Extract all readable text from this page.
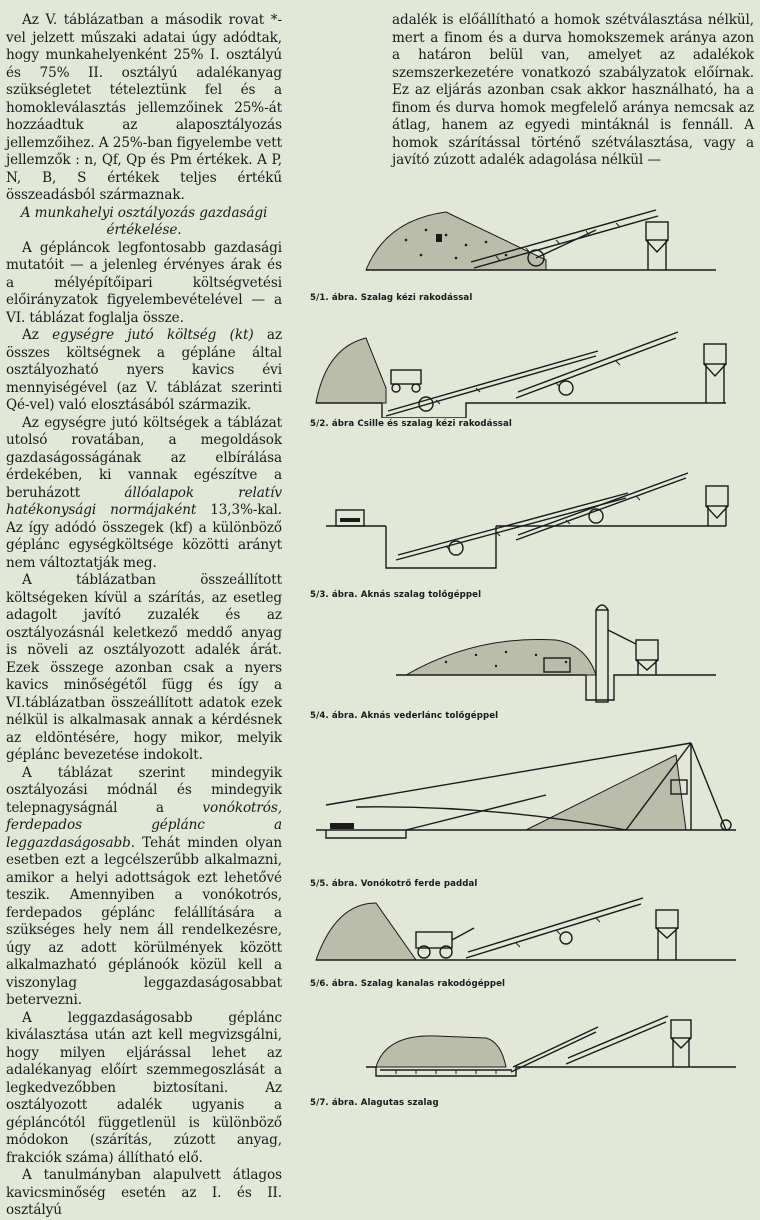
Az V. táblázatban a második rovat *-vel jelzett műszaki adatai úgy adódtak, hogy munkahelyenként 25% I. osztályú és 75% II. osztályú adalékanyag szükségletet tételeztünk fel és a homokleválasztás jellemzőinek 25%-át hozzáadtuk az alaposztályozás jellemzőihez. A 25%-ban figyelembe vett jellemzők : n, Qf, Qp és Pm értékek. A P, N, B, S értékek teljes értékű összeadásból származnak.

A munkahelyi osztályozás gazdasági értékelése.

A gépláncok legfontosabb gazdasági mutatóit — a jelenleg érvényes árak és a mélyépítőipari költségvetési előirányzatok figyelembevételével — a VI. táblázat foglalja össze.

Az egységre jutó költség (kt) az összes költségnek a gépláne által osztályozható nyers kavics évi mennyiségével (az V. táblázat szerinti Qé-vel) való elosztásából származik.

Az egységre jutó költségek a táblázat utolsó rovatában, a megoldások gazdaságosságának az elbírálása érdekében, ki vannak egészítve a beruházott állóalapok relatív hatékonysági normájaként 13,3%-kal. Az így adódó összegek (kf) a különböző géplánc egységköltsége közötti arányt nem változtatják meg.

A táblázatban összeállított költségeken kívül a szárítás, az esetleg adagolt javító zuzalék és az osztályozásnál keletkező meddő anyag is növeli az osztályozott adalék árát. Ezek összege azonban csak a nyers kavics minőségétől függ és így a VI.táblázatban összeállított adatok ezek nélkül is alkalmasak annak a kérdésnek az eldöntésére, hogy mikor, melyik géplánc bevezetése indokolt.

A táblázat szerint mindegyik osztályozási módnál és mindegyik telepnagyságnál a vonókotrós, ferdepados géplánc a leggazdaságosabb. Tehát minden olyan esetben ezt a legcélszerűbb alkalmazni, amikor a helyi adottságok ezt lehetővé teszik. Amennyiben a vonókotrós, ferdepados géplánc felállítására a szükséges hely nem áll rendelkezésre, úgy az adott körülmények között alkalmazható géplánoók közül kell a viszonylag leggazdaságosabbat betervezni.

A leggazdaságosabb géplánc kiválasztása után azt kell megvizsgálni, hogy milyen eljárással lehet az adalékanyag előírt szemmegoszlását a legkedvezőbben biztosítani. Az osztályozott adalék ugyanis a gépláncótól függetlenül is különböző módokon (szárítás, zúzott anyag, frakciók száma) állítható elő.

A tanulmányban alapulvett átlagos kavicsminőség esetén az I. és II. osztályú

adalék is előállítható a homok szétválasztása nélkül, mert a finom és a durva homokszemek aránya azon a határon belül van, amelyet az adalékok szemszerkezetére vonatkozó szabályzatok előírnak. Ez az eljárás azonban csak akkor használható, ha a finom és durva homok megfelelő aránya nemcsak az átlag, hanem az egyedi mintáknál is fennáll. A homok szárítással történő szétválasztása, vagy a javító zúzott adalék adagolása nélkül —

5/1. ábra. Szalag kézi rakodással
5/2. ábra Csille és szalag kézi rakodással
5/3. ábra. Aknás szalag tolőgéppel
5/4. ábra. Aknás vederlánc tolőgéppel
5/5. ábra. Vonókotrő ferde paddal
5/6. ábra. Szalag kanalas rakodógéppel
5/7. ábra. Alagutas szalag
